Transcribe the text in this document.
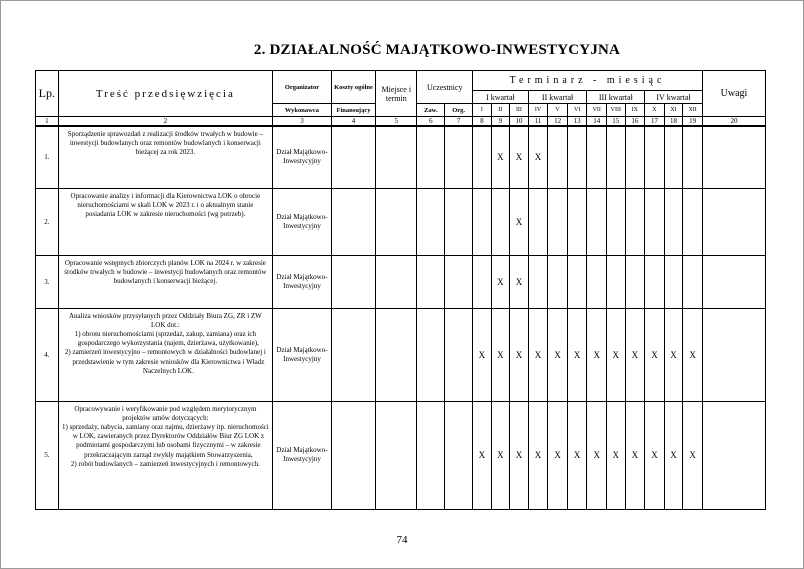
2. DZIAŁALNOŚĆ MAJĄTKOWO-INWESTYCYJNA
Lp.	Treść przedsięwzięcia	Organizator	Koszty ogólne	Miejsce i termin	Uczestnicy		Terminarz - miesiąc												Uwagi
							I kwartał			II kwartał			III kwartał			IV kwartał			
		Wykonawca	Finansujący		Zaw.	Org.	I	II	III	IV	V	VI	VII	VIII	IX	X	XI	XII	
1	2	3	4	5	6	7	8	9	10	11	12	13	14	15	16	17	18	19	20
1.	Sporządzenie sprawozdań z realizacji środków trwałych w budowie – inwestycji budowlanych oraz remontów budowlanych i konserwacji bieżącej za rok 2023.	Dział Majątkowo-Inwestycyjny						X	X	X									
2.	Opracowanie analizy i informacji dla Kierownictwa LOK o obrocie nieruchomościami w skali LOK w 2023 r. i o aktualnym stanie posiadania LOK w zakresie nieruchomości (wg potrzeb).	Dział Majątkowo-Inwestycyjny							X										
3.	Opracowanie wstępnych zbiorczych planów LOK na 2024 r. w zakresie środków trwałych w budowie – inwestycji budowlanych oraz remontów budowlanych i konserwacji bieżącej.	Dział Majątkowo-Inwestycyjny						X	X										
4.	Analiza wniosków przysyłanych przez Oddziały Biura ZG, ZR i ZW LOK dot.:
1) obrotu nieruchomościami (sprzedaż, zakup, zamiana) oraz ich gospodarczego wykorzystania (najem, dzierżawa, użytkowanie),
2) zamierzeń inwestycyjno – remontowych w działalności budowlanej i przedstawienie w tym zakresie wniosków dla Kierownictwa i Władz Naczelnych LOK.	Dział Majątkowo-Inwestycyjny					X	X	X	X	X	X	X	X	X	X	X	X	
5.	Opracowywanie i weryfikowanie pod względem merytorycznym projektów umów dotyczących:
1) sprzedaży, nabycia, zamiany oraz najmu, dzierżawy itp. nieruchomości w LOK, zawieranych przez Dyrektorów Oddziałów Biur ZG LOK z podmiotami gospodarczymi lub osobami fizycznymi – w zakresie przekraczającym zarząd zwykły majątkiem Stowarzyszenia,
2) robót budowlanych – zamierzeń inwestycyjnych i remontowych.	Dział Majątkowo-Inwestycyjny					X	X	X	X	X	X	X	X	X	X	X	X	
74
